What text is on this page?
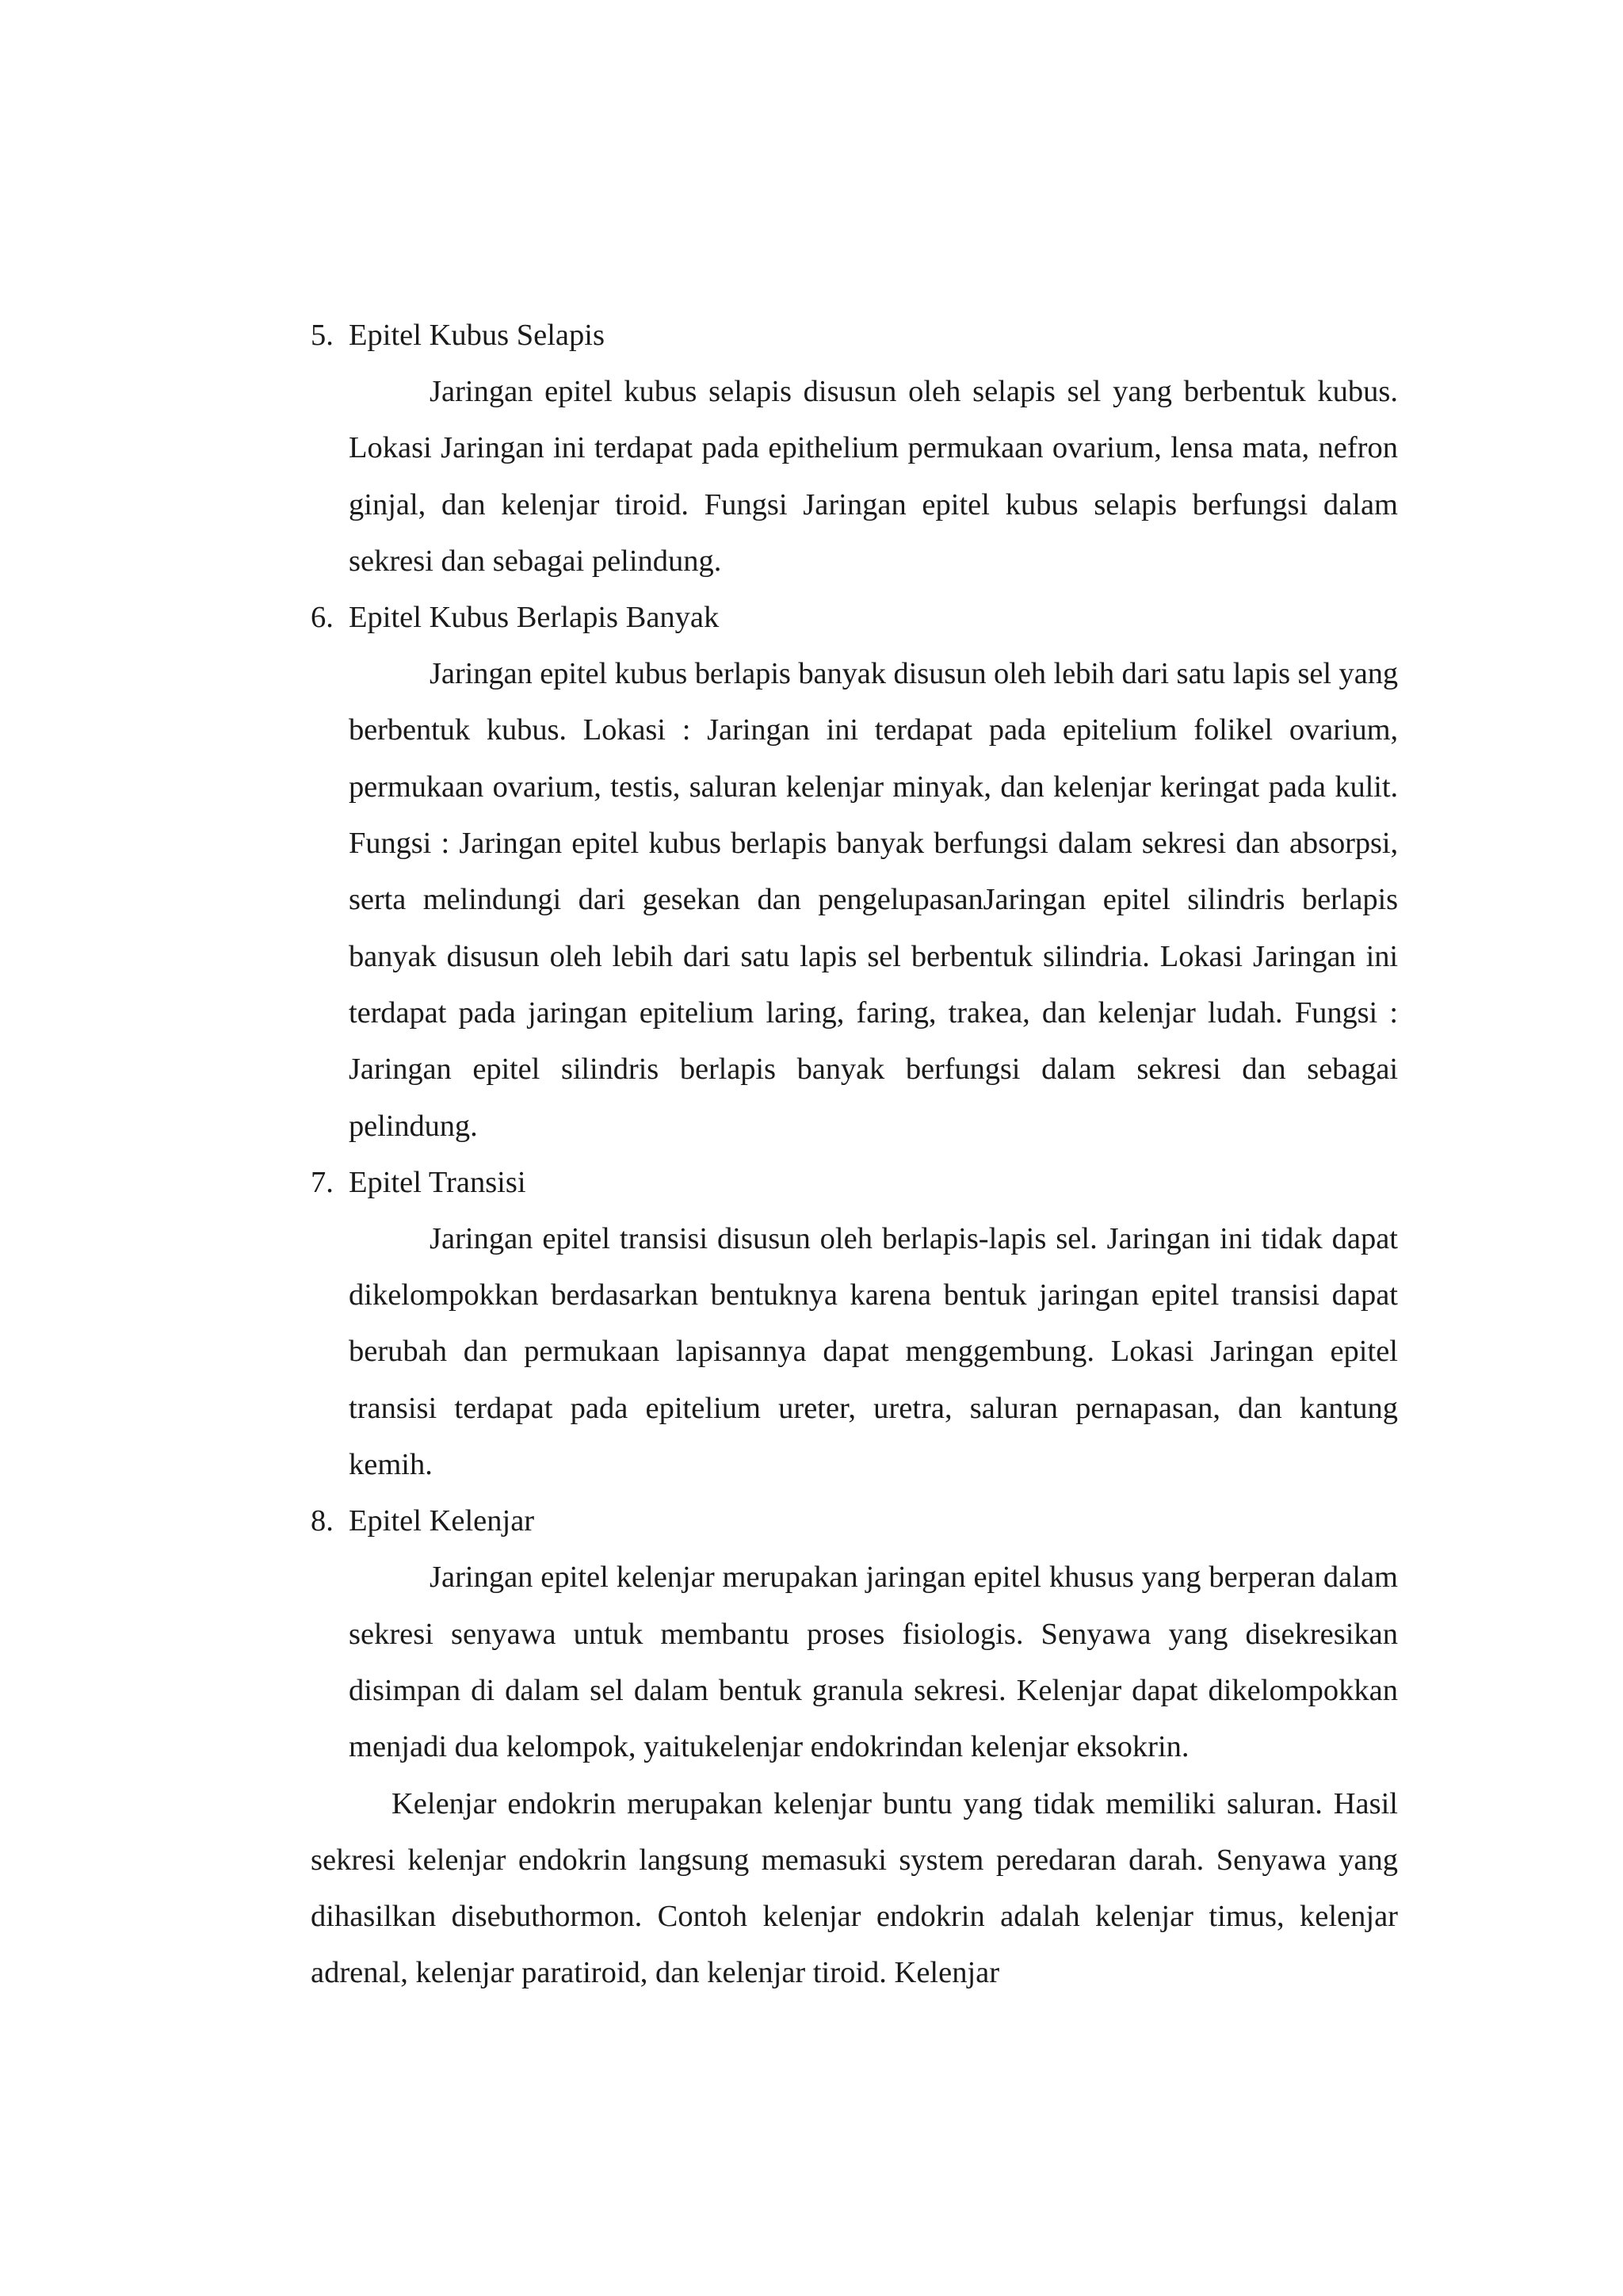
5. Epitel Kubus Selapis

Jaringan epitel kubus selapis disusun oleh selapis sel yang berbentuk kubus. Lokasi Jaringan ini terdapat pada epithelium permukaan ovarium, lensa mata, nefron ginjal, dan kelenjar tiroid. Fungsi Jaringan epitel kubus selapis berfungsi dalam sekresi dan sebagai pelindung.

6. Epitel Kubus Berlapis Banyak

Jaringan epitel kubus berlapis banyak disusun oleh lebih dari satu lapis sel yang berbentuk kubus. Lokasi : Jaringan ini terdapat pada epitelium folikel ovarium, permukaan ovarium, testis, saluran kelenjar minyak, dan kelenjar keringat pada kulit. Fungsi : Jaringan epitel kubus berlapis banyak berfungsi dalam sekresi dan absorpsi, serta melindungi dari gesekan dan pengelupasanJaringan epitel silindris berlapis banyak disusun oleh lebih dari satu lapis sel berbentuk silindria. Lokasi Jaringan ini terdapat pada jaringan epitelium laring, faring, trakea, dan kelenjar ludah. Fungsi : Jaringan epitel silindris berlapis banyak berfungsi dalam sekresi dan sebagai pelindung.

7. Epitel Transisi

Jaringan epitel transisi disusun oleh berlapis-lapis sel. Jaringan ini tidak dapat dikelompokkan berdasarkan bentuknya karena bentuk jaringan epitel transisi dapat berubah dan permukaan lapisannya dapat menggembung. Lokasi Jaringan epitel transisi terdapat pada epitelium ureter, uretra, saluran pernapasan, dan kantung kemih.

8. Epitel Kelenjar

Jaringan epitel kelenjar merupakan jaringan epitel khusus yang berperan dalam sekresi senyawa untuk membantu proses fisiologis. Senyawa yang disekresikan disimpan di dalam sel dalam bentuk granula sekresi. Kelenjar dapat dikelompokkan menjadi dua kelompok, yaitukelenjar endokrindan kelenjar eksokrin.

Kelenjar endokrin merupakan kelenjar buntu yang tidak memiliki saluran. Hasil sekresi kelenjar endokrin langsung memasuki system peredaran darah. Senyawa yang dihasilkan disebuthormon. Contoh kelenjar endokrin adalah kelenjar timus, kelenjar adrenal, kelenjar paratiroid, dan kelenjar tiroid. Kelenjar
